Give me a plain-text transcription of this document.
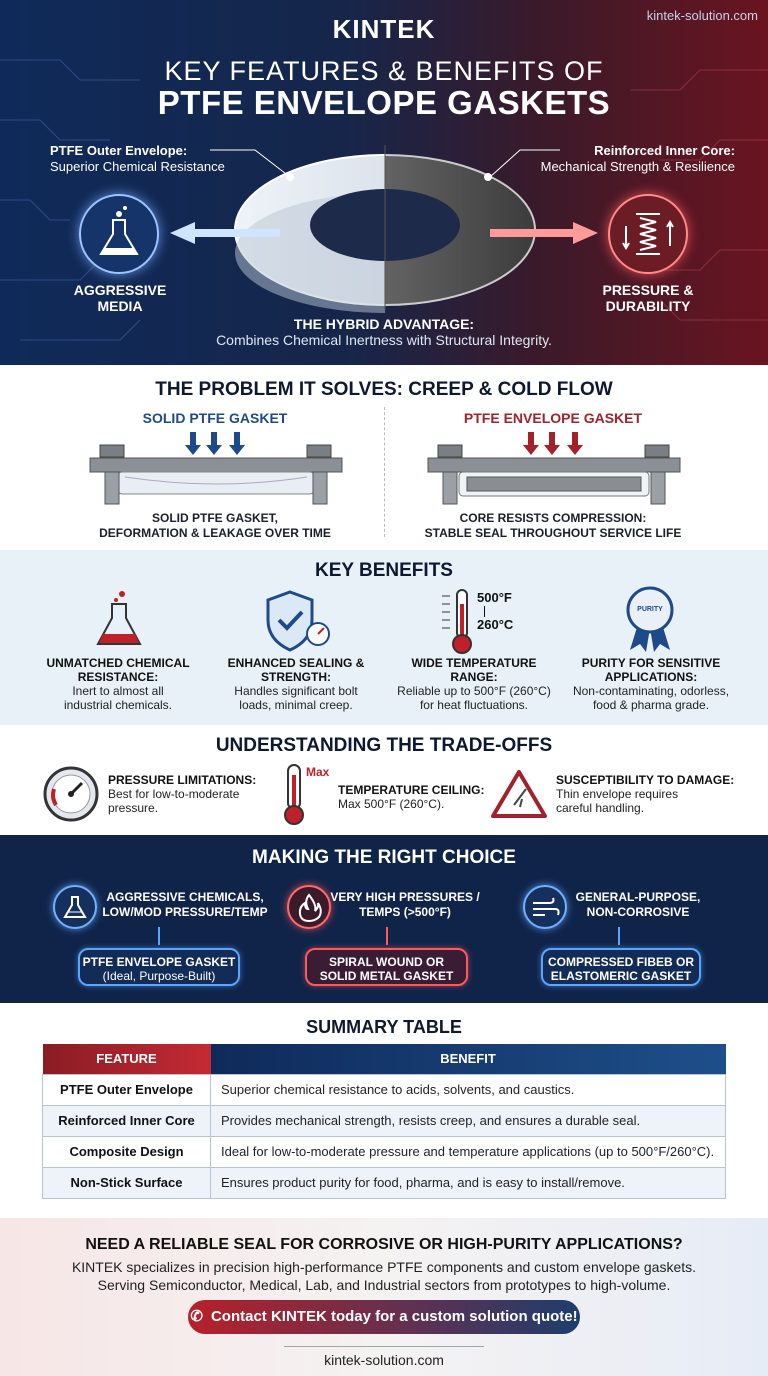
kintek-solution.com
KINTEK
KEY FEATURES & BENEFITS OF
PTFE ENVELOPE GASKETS
PTFE Outer Envelope:
Superior Chemical Resistance
Reinforced Inner Core:
Mechanical Strength & Resilience
AGGRESSIVE
MEDIA
PRESSURE &
DURABILITY
THE HYBRID ADVANTAGE:
Combines Chemical Inertness with Structural Integrity.
THE PROBLEM IT SOLVES: CREEP & COLD FLOW
SOLID PTFE GASKET	PTFE ENVELOPE GASKET
SOLID PTFE GASKET,
DEFORMATION & LEAKAGE OVER TIME
CORE RESISTS COMPRESSION:
STABLE SEAL THROUGHOUT SERVICE LIFE
KEY BENEFITS
500°F
260°C
PURITY
UNMATCHED CHEMICAL
RESISTANCE:
Inert to almost all
industrial chemicals.
ENHANCED SEALING &
STRENGTH:
Handles significant bolt
loads, minimal creep.
WIDE TEMPERATURE
RANGE:
Reliable up to 500°F (260°C)
for heat fluctuations.
PURITY FOR SENSITIVE
APPLICATIONS:
Non-contaminating, odorless,
food & pharma grade.
UNDERSTANDING THE TRADE-OFFS
PRESSURE LIMITATIONS:
Best for low-to-moderate
pressure.
Max
TEMPERATURE CEILING:
Max 500°F (260°C).
SUSCEPTIBILITY TO DAMAGE:
Thin envelope requires
careful handling.
MAKING THE RIGHT CHOICE
AGGRESSIVE CHEMICALS,
LOW/MOD PRESSURE/TEMP
PTFE ENVELOPE GASKET
(Ideal, Purpose-Built)
VERY HIGH PRESSURES /
TEMPS (>500°F)
SPIRAL WOUND OR
SOLID METAL GASKET
GENERAL-PURPOSE,
NON-CORROSIVE
COMPRESSED FIBEB OR
ELASTOMERIC GASKET
SUMMARY TABLE
FEATURE	BENEFIT
PTFE Outer Envelope	Superior chemical resistance to acids, solvents, and caustics.
Reinforced Inner Core	Provides mechanical strength, resists creep, and ensures a durable seal.
Composite Design	Ideal for low-to-moderate pressure and temperature applications (up to 500°F/260°C).
Non-Stick Surface	Ensures product purity for food, pharma, and is easy to install/remove.
NEED A RELIABLE SEAL FOR CORROSIVE OR HIGH-PURITY APPLICATIONS?
KINTEK specializes in precision high-performance PTFE components and custom envelope gaskets.
Serving Semiconductor, Medical, Lab, and Industrial sectors from prototypes to high-volume.
✆ Contact KINTEK today for a custom solution quote!
kintek-solution.com
